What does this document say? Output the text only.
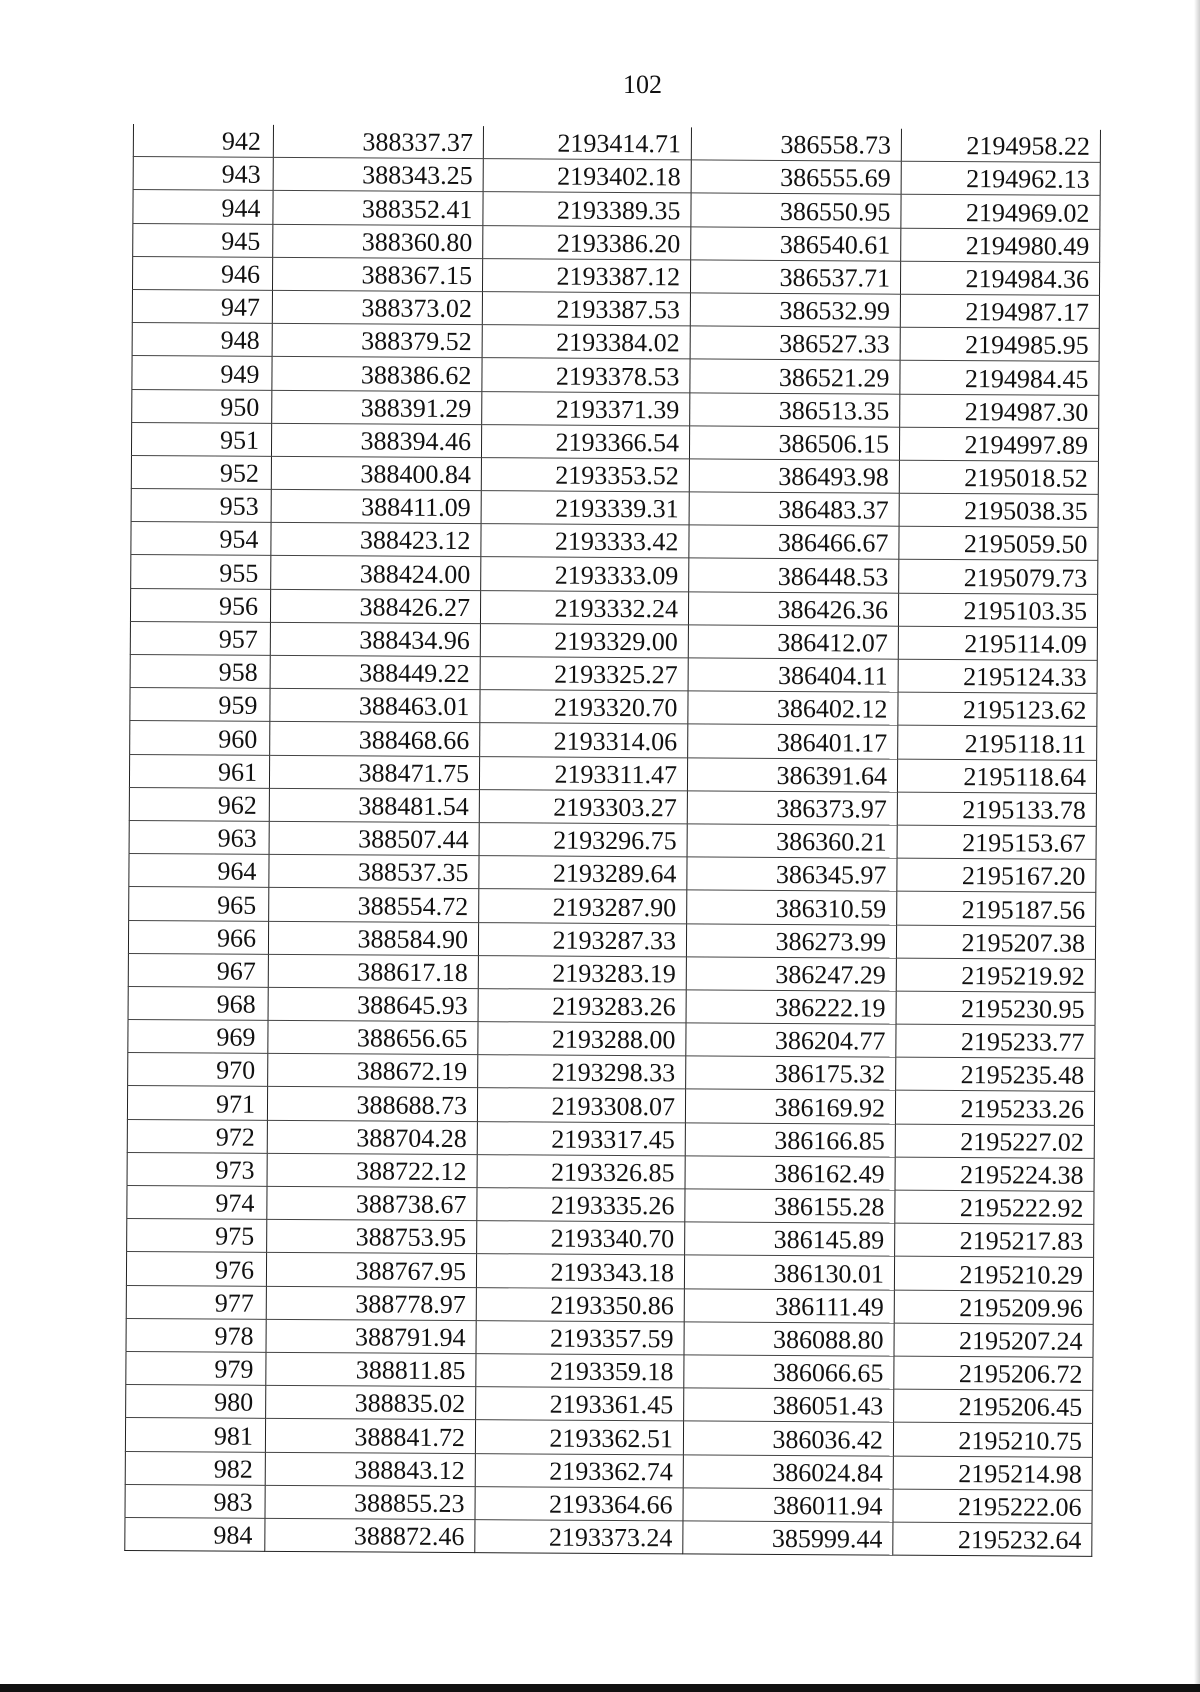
102
942	388337.37	2193414.71	386558.73	2194958.22
943	388343.25	2193402.18	386555.69	2194962.13
944	388352.41	2193389.35	386550.95	2194969.02
945	388360.80	2193386.20	386540.61	2194980.49
946	388367.15	2193387.12	386537.71	2194984.36
947	388373.02	2193387.53	386532.99	2194987.17
948	388379.52	2193384.02	386527.33	2194985.95
949	388386.62	2193378.53	386521.29	2194984.45
950	388391.29	2193371.39	386513.35	2194987.30
951	388394.46	2193366.54	386506.15	2194997.89
952	388400.84	2193353.52	386493.98	2195018.52
953	388411.09	2193339.31	386483.37	2195038.35
954	388423.12	2193333.42	386466.67	2195059.50
955	388424.00	2193333.09	386448.53	2195079.73
956	388426.27	2193332.24	386426.36	2195103.35
957	388434.96	2193329.00	386412.07	2195114.09
958	388449.22	2193325.27	386404.11	2195124.33
959	388463.01	2193320.70	386402.12	2195123.62
960	388468.66	2193314.06	386401.17	2195118.11
961	388471.75	2193311.47	386391.64	2195118.64
962	388481.54	2193303.27	386373.97	2195133.78
963	388507.44	2193296.75	386360.21	2195153.67
964	388537.35	2193289.64	386345.97	2195167.20
965	388554.72	2193287.90	386310.59	2195187.56
966	388584.90	2193287.33	386273.99	2195207.38
967	388617.18	2193283.19	386247.29	2195219.92
968	388645.93	2193283.26	386222.19	2195230.95
969	388656.65	2193288.00	386204.77	2195233.77
970	388672.19	2193298.33	386175.32	2195235.48
971	388688.73	2193308.07	386169.92	2195233.26
972	388704.28	2193317.45	386166.85	2195227.02
973	388722.12	2193326.85	386162.49	2195224.38
974	388738.67	2193335.26	386155.28	2195222.92
975	388753.95	2193340.70	386145.89	2195217.83
976	388767.95	2193343.18	386130.01	2195210.29
977	388778.97	2193350.86	386111.49	2195209.96
978	388791.94	2193357.59	386088.80	2195207.24
979	388811.85	2193359.18	386066.65	2195206.72
980	388835.02	2193361.45	386051.43	2195206.45
981	388841.72	2193362.51	386036.42	2195210.75
982	388843.12	2193362.74	386024.84	2195214.98
983	388855.23	2193364.66	386011.94	2195222.06
984	388872.46	2193373.24	385999.44	2195232.64
